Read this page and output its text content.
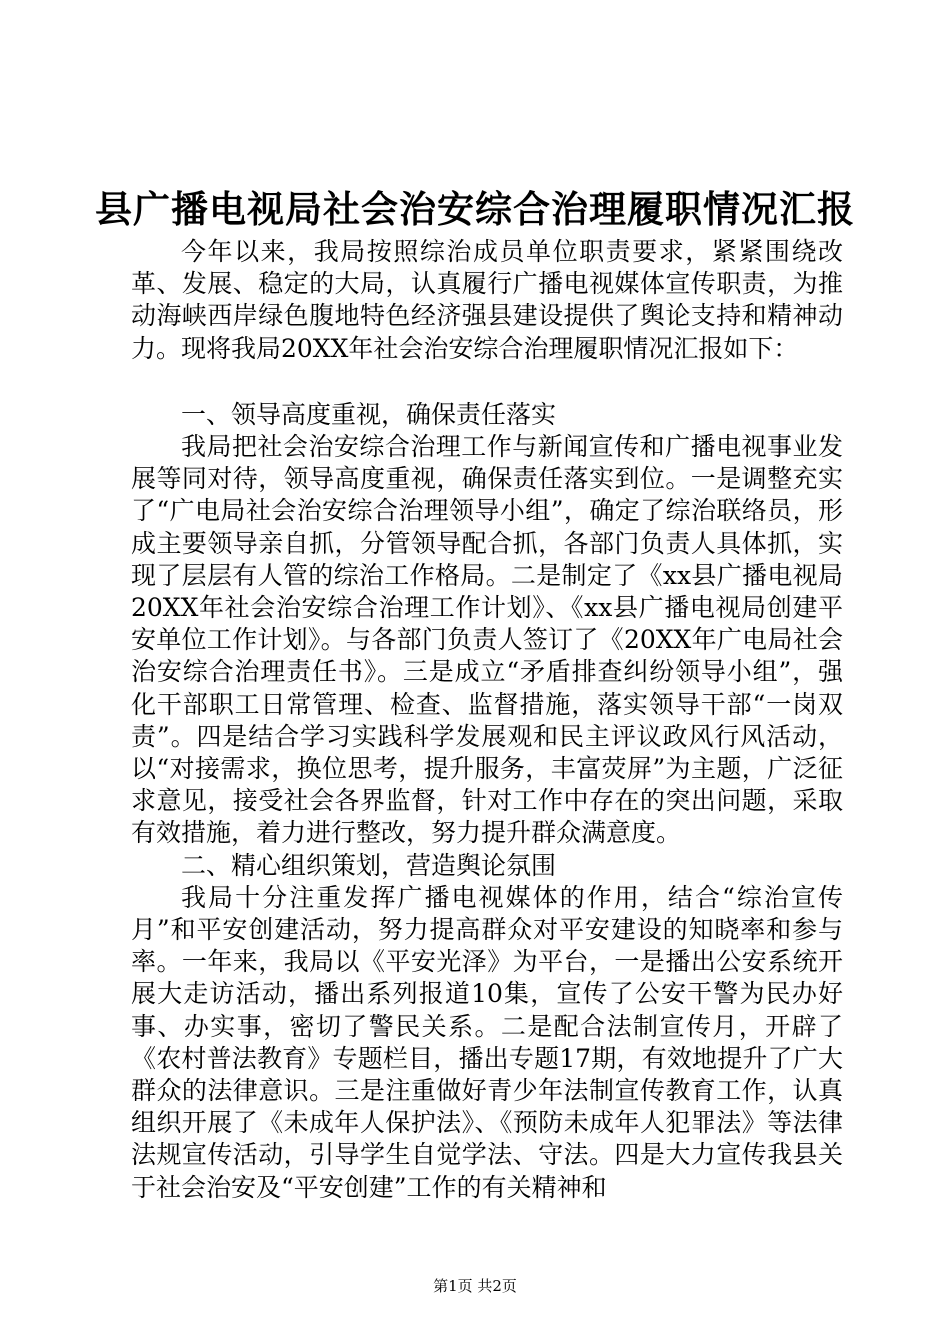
县广播电视局社会治安综合治理履职情况汇报

今年以来，我局按照综治成员单位职责要求，紧紧围绕改革、发展、稳定的大局，认真履行广播电视媒体宣传职责，为推动海峡西岸绿色腹地特色经济强县建设提供了舆论支持和精神动力。现将我局20XX年社会治安综合治理履职情况汇报如下：

一、领导高度重视，确保责任落实

我局把社会治安综合治理工作与新闻宣传和广播电视事业发展等同对待，领导高度重视，确保责任落实到位。一是调整充实了“广电局社会治安综合治理领导小组”，确定了综治联络员，形成主要领导亲自抓，分管领导配合抓，各部门负责人具体抓，实现了层层有人管的综治工作格局。二是制定了《xx县广播电视局20XX年社会治安综合治理工作计划》、《xx县广播电视局创建平安单位工作计划》。与各部门负责人签订了《20XX年广电局社会治安综合治理责任书》。三是成立“矛盾排查纠纷领导小组”，强化干部职工日常管理、检查、监督措施，落实领导干部“一岗双责”。四是结合学习实践科学发展观和民主评议政风行风活动，以“对接需求，换位思考，提升服务，丰富荧屏”为主题，广泛征求意见，接受社会各界监督，针对工作中存在的突出问题，采取有效措施，着力进行整改，努力提升群众满意度。

二、精心组织策划，营造舆论氛围

我局十分注重发挥广播电视媒体的作用，结合“综治宣传月”和平安创建活动，努力提高群众对平安建设的知晓率和参与率。一年来，我局以《平安光泽》为平台，一是播出公安系统开展大走访活动，播出系列报道10集，宣传了公安干警为民办好事、办实事，密切了警民关系。二是配合法制宣传月，开辟了《农村普法教育》专题栏目，播出专题17期，有效地提升了广大群众的法律意识。三是注重做好青少年法制宣传教育工作，认真组织开展了《未成年人保护法》、《预防未成年人犯罪法》等法律法规宣传活动，引导学生自觉学法、守法。四是大力宣传我县关于社会治安及“平安创建”工作的有关精神和

第1页 共2页
